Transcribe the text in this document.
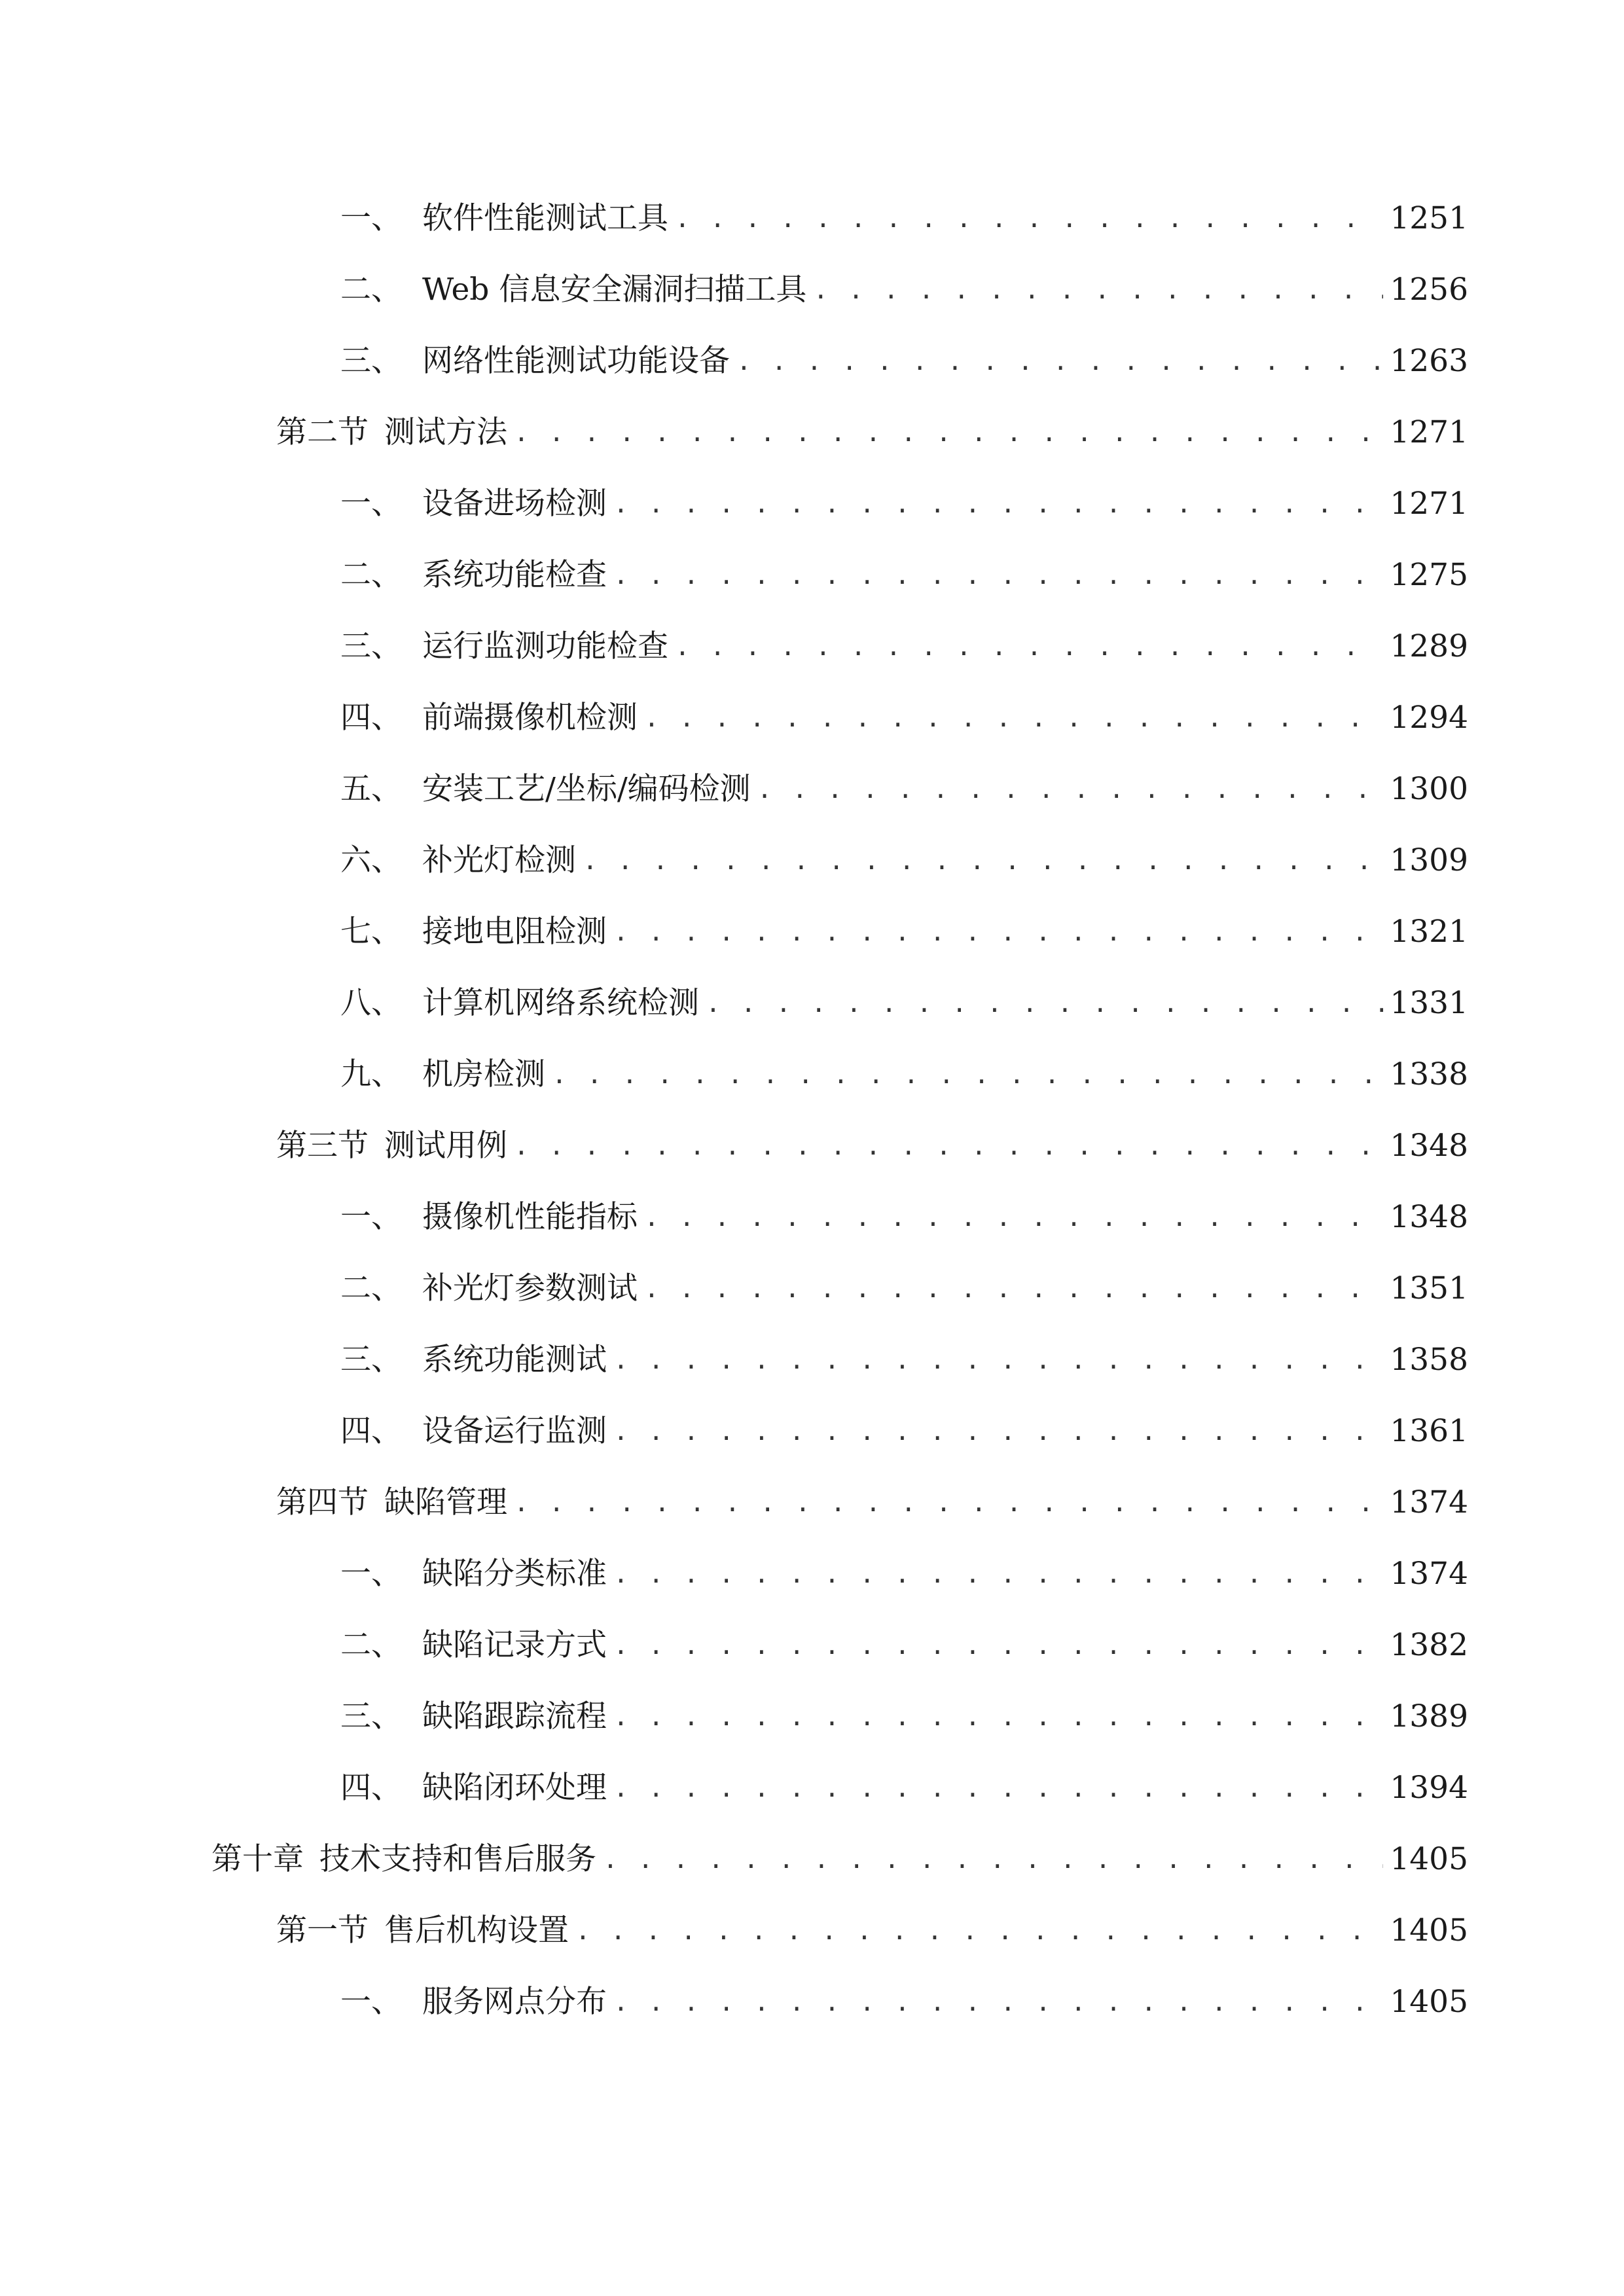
一、 软件性能测试工具 . . .	1251
二、 Web 信息安全漏洞扫描工具 . . .	1256
三、 网络性能测试功能设备 . . .	1263
第二节 测试方法 . . .	1271
一、 设备进场检测 . . .	1271
二、 系统功能检查 . . .	1275
三、 运行监测功能检查 . . .	1289
四、 前端摄像机检测 . . .	1294
五、 安装工艺/坐标/编码检测 . . .	1300
六、 补光灯检测 . . .	1309
七、 接地电阻检测 . . .	1321
八、 计算机网络系统检测 . . .	1331
九、 机房检测 . . .	1338
第三节 测试用例 . . .	1348
一、 摄像机性能指标 . . .	1348
二、 补光灯参数测试 . . .	1351
三、 系统功能测试 . . .	1358
四、 设备运行监测 . . .	1361
第四节 缺陷管理 . . .	1374
一、 缺陷分类标准 . . .	1374
二、 缺陷记录方式 . . .	1382
三、 缺陷跟踪流程 . . .	1389
四、 缺陷闭环处理 . . .	1394
第十章 技术支持和售后服务 . . .	1405
第一节 售后机构设置 . . .	1405
一、 服务网点分布 . . .	1405
